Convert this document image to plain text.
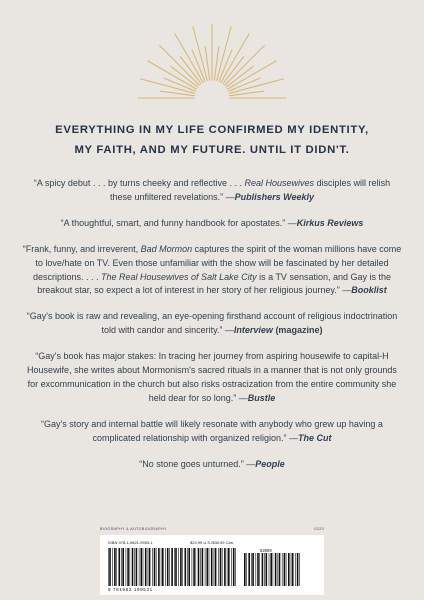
EVERYTHING IN MY LIFE CONFIRMED MY IDENTITY,
MY FAITH, AND MY FUTURE. UNTIL IT DIDN'T.

“A spicy debut . . . by turns cheeky and reflective . . . Real Housewives disciples will relish these unfiltered revelations.” —Publishers Weekly

“A thoughtful, smart, and funny handbook for apostates.” —Kirkus Reviews

“Frank, funny, and irreverent, Bad Mormon captures the spirit of the woman millions have come to love/hate on TV. Even those unfamiliar with the show will be fascinated by her detailed descriptions. . . . The Real Housewives of Salt Lake City is a TV sensation, and Gay is the breakout star, so expect a lot of interest in her story of her religious journey.” —Booklist

“Gay's book is raw and revealing, an eye-opening firsthand account of religious indoctrination told with candor and sincerity.” —Interview (magazine)

“Gay's book has major stakes: In tracing her journey from aspiring housewife to capital-H Housewife, she writes about Mormonism's sacred rituals in a manner that is not only grounds for excommunication in the church but also risks ostracization from the entire community she held dear for so long.” —Bustle

“Gay's story and internal battle will likely resonate with anybody who grew up having a complicated relationship with organized religion.” —The Cut

“No stone goes unturned.” —People

BIOGRAPHY & AUTOBIOGRAPHY	0223
ISBN 978-1-9821-9953-1	$24.99 U.S./$35.99 Can.
52899
9 781982 199531
